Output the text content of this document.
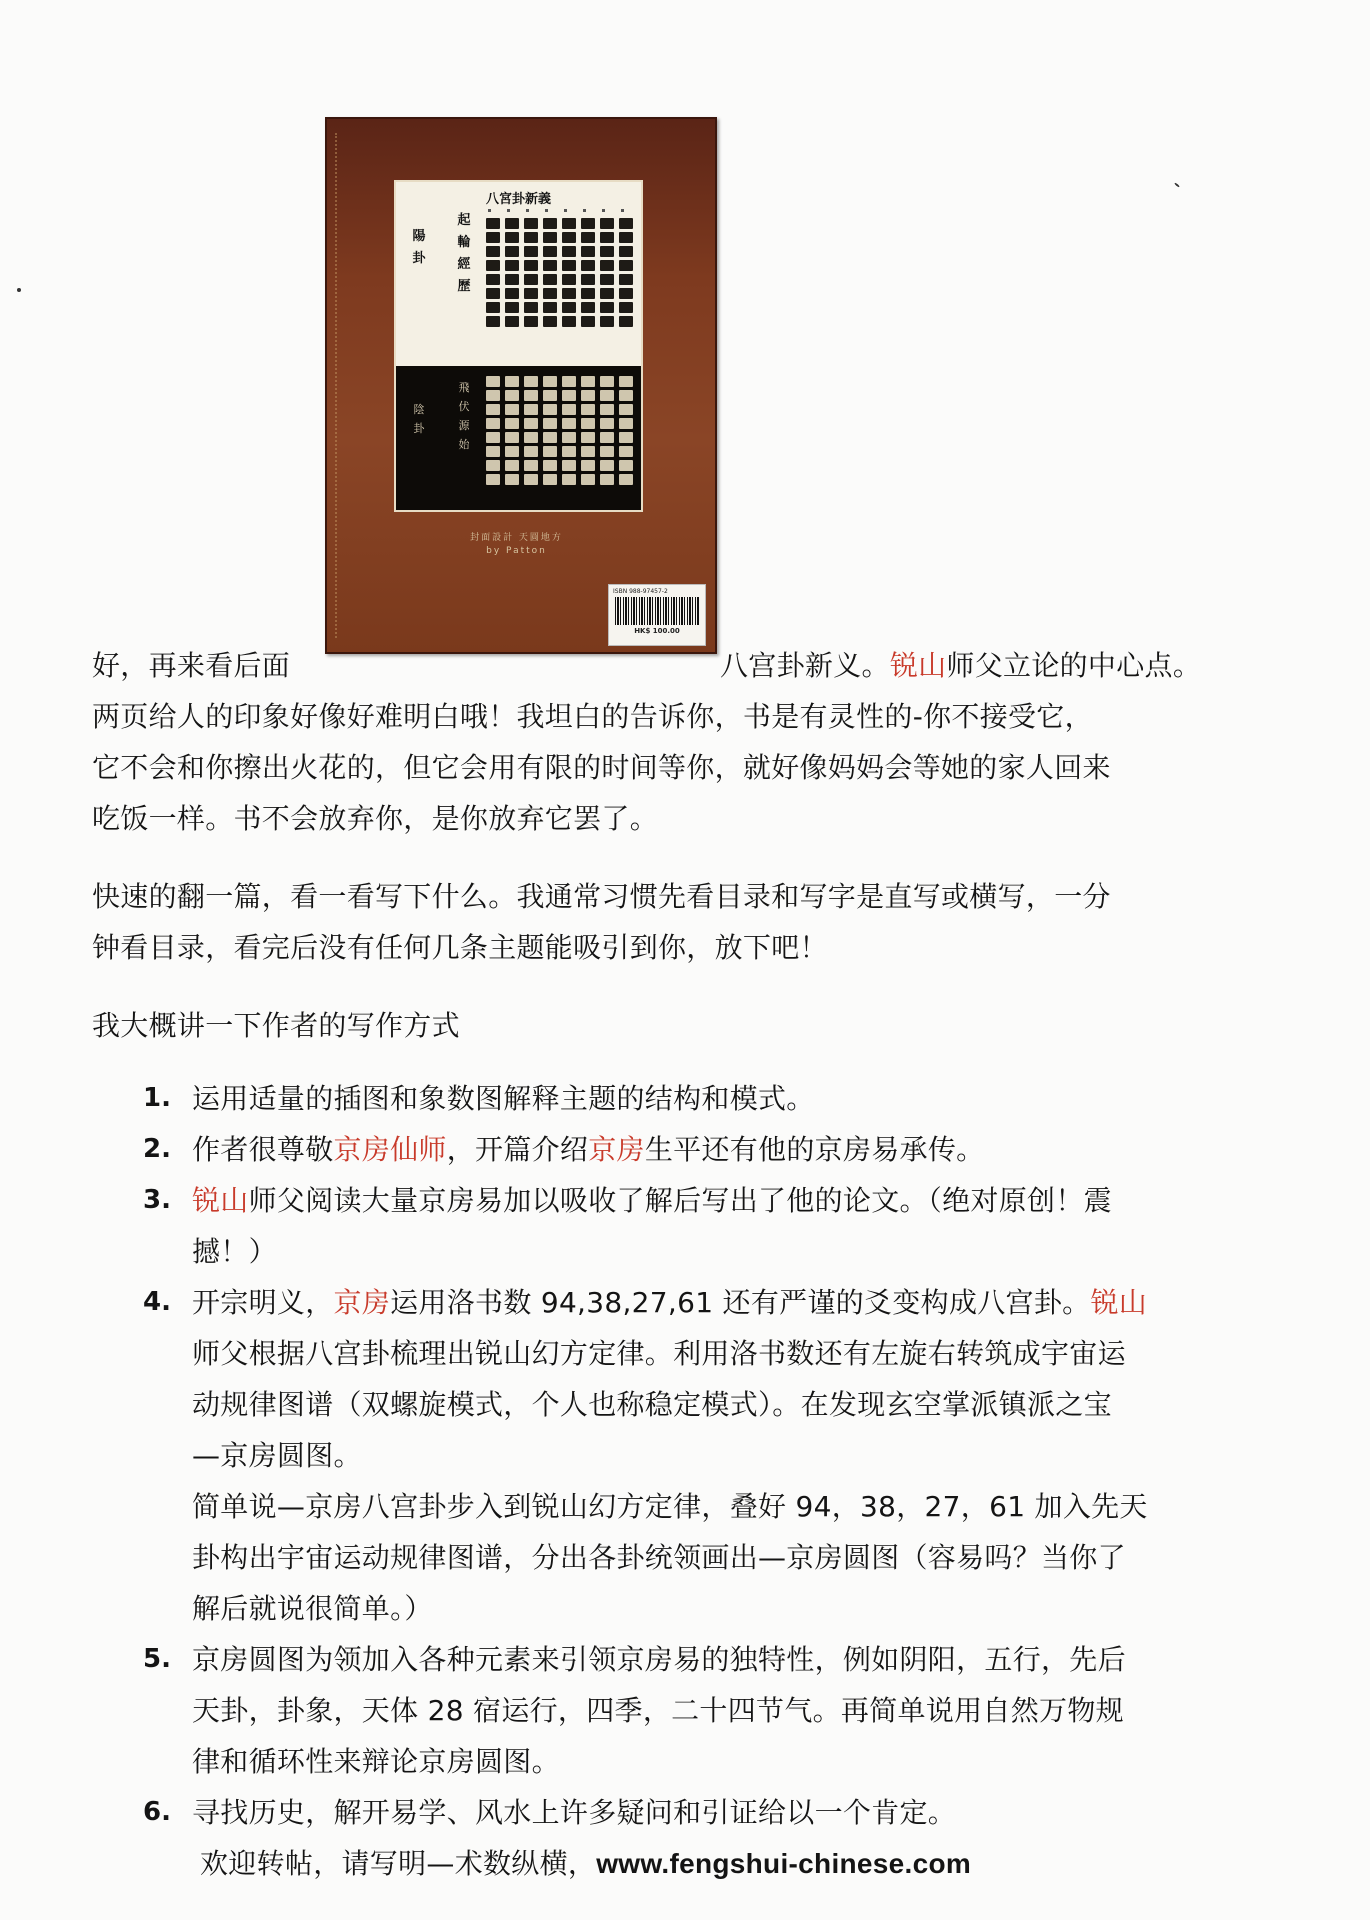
八宮卦新義
陽卦
起輪經歷
陰卦
飛伏源始
封面設計 天圓地方
by Patton
ISBN 988-97457-2
HK$ 100.00
好，再来看后面	八宫卦新义。锐山师父立论的中心点。
两页给人的印象好像好难明白哦！我坦白的告诉你，书是有灵性的-你不接受它，
它不会和你擦出火花的，但它会用有限的时间等你，就好像妈妈会等她的家人回来
吃饭一样。书不会放弃你，是你放弃它罢了。
快速的翻一篇，看一看写下什么。我通常习惯先看目录和写字是直写或横写，一分
钟看目录，看完后没有任何几条主题能吸引到你，放下吧！
我大概讲一下作者的写作方式
1. 运用适量的插图和象数图解释主题的结构和模式。
2. 作者很尊敬京房仙师，开篇介绍京房生平还有他的京房易承传。
3. 锐山师父阅读大量京房易加以吸收了解后写出了他的论文。（绝对原创！震
撼！）
4. 开宗明义，京房运用洛书数 94,38,27,61 还有严谨的爻变构成八宫卦。锐山
师父根据八宫卦梳理出锐山幻方定律。利用洛书数还有左旋右转筑成宇宙运
动规律图谱（双螺旋模式，个人也称稳定模式）。在发现玄空掌派镇派之宝
—京房圆图。
简单说—京房八宫卦步入到锐山幻方定律，叠好 94，38，27，61 加入先天
卦构出宇宙运动规律图谱，分出各卦统领画出—京房圆图（容易吗？当你了
解后就说很简单。）
5. 京房圆图为领加入各种元素来引领京房易的独特性，例如阴阳，五行，先后
天卦，卦象，天体 28 宿运行，四季，二十四节气。再简单说用自然万物规
律和循环性来辩论京房圆图。
6. 寻找历史，解开易学、风水上许多疑问和引证给以一个肯定。
欢迎转帖，请写明—术数纵横，www.fengshui-chinese.com
